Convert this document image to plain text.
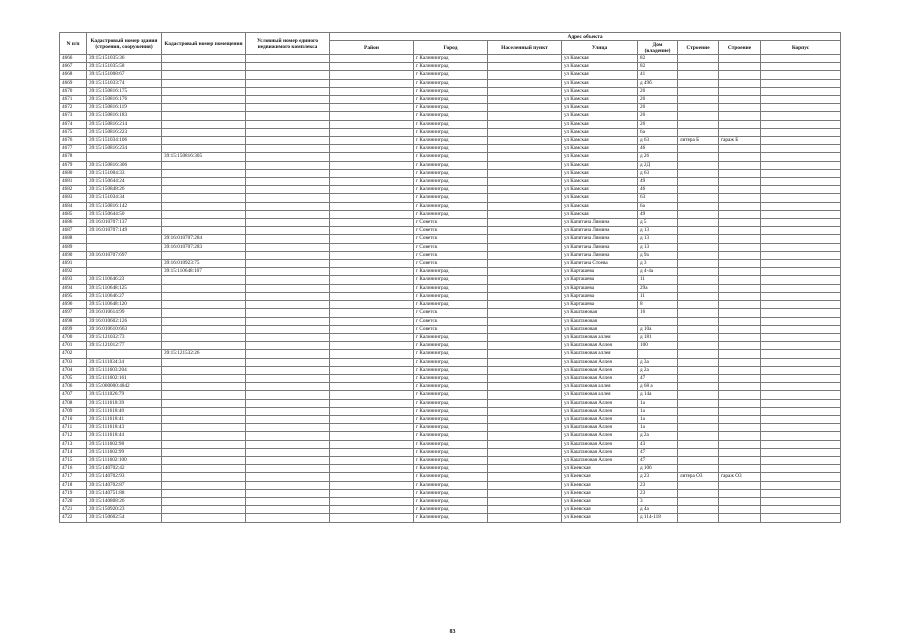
N п/п	Кадастровый номер здания (строения, сооружения)	Кадастровый номер помещения	Условный номер единого недвижимого комплекса	Адрес объекта							
				Район	Город	Населенный пункт	Улица	Дом (владение)	Строение	Строение	Корпус
4666	39:15:151035:36				г Калининград		ул Камская	82			
4667	39:15:151035:58				г Калининград		ул Камская	82			
4668	39:15:151008:67				г Калининград		ул Камская	41			
4669	39:15:151033:74				г Калининград		ул Камская	д 49б			
4670	39:15:150816:175				г Калининград		ул Камская	26			
4671	39:15:150816:176				г Калининград		ул Камская	26			
4672	39:15:150816:119				г Калининград		ул Камская	26			
4673	39:15:150816:183				г Калининград		ул Камская	26			
4674	39:15:150816:214				г Калининград		ул Камская	26			
4675	39:15:150816:223				г Калининград		ул Камская	6а			
4676	39:15:151034:106				г Калининград		ул Камская	д 63	литера Б	гараж Б	
4677	39:15:150816:234				г Калининград		ул Камская	46			
4678		39:15:150816:305			г Калининград		ул Камская	д 26			
4679	39:15:150816:306				г Калининград		ул Камская	д 2Д			
4680	39:15:151004:33				г Калининград		ул Камская	д 63			
4681	39:15:150644:24				г Калининград		ул Камская	49			
4682	39:15:150848:26				г Калининград		ул Камская	46			
4683	39:15:151034:34				г Калининград		ул Камская	63			
4684	39:15:150816:142				г Калининград		ул Камская	6а			
4685	39:15:150644:50				г Калининград		ул Камская	49			
4686	39:16:010707:137				г Советск		ул Капитана Лямина	д 5			
4687	39:16:010707:149				г Советск		ул Капитана Лямина	д 13			
4688		39:16:010707:284			г Советск		ул Капитана Лямина	д 13			
4689		39:16:010707:283			г Советск		ул Капитана Лямина	д 13			
4690	39:16:010707:697				г Советск		ул Капитана Лямина	д 9а			
4691		39:16:010923:75			г Советск		ул Капитана Стоева	д 3			
4692		39:15:110648:107			г Калининград		ул Карташева	д 4-4а			
4693	39:15:110646:23				г Калининград		ул Карташева	11			
4694	39:15:110648:125				г Калининград		ул Карташева	29а			
4695	39:15:110646:27				г Калининград		ул Карташева	11			
4696	39:15:110648:120				г Калининград		ул Карташева	8			
4697	39:16:010614:99				г Советск		ул Каштановая	16			
4698	39:16:010602:126				г Советск		ул Каштановая				
4699	39:16:010610:663				г Советск		ул Каштановая	д 10а			
4700	39:15:121032:73				г Калининград		ул Каштановая аллея	д 181			
4701	39:15:121012:77				г Калининград		ул Каштановая Аллея	100			
4702		39:15:121532:26			г Калининград		ул Каштановая аллея				
4703	39:15:111034:34				г Калининград		ул Каштановая Аллея	д 3а			
4704	39:15:111603:204				г Калининград		ул Каштановая Аллея	д 2а			
4705	39:15:111602:161				г Калининград		ул Каштановая Аллея	47			
4706	39:15:000000:4842				г Калининград		ул Каштановая аллея	д 68 а			
4707	39:15:111026:79				г Калининград		ул Каштановая аллея	д 14а			
4708	39:15:111618:39				г Калининград		ул Каштановая Аллея	1а			
4709	39:15:111618:40				г Калининград		ул Каштановая Аллея	1а			
4710	39:15:111618:41				г Калининград		ул Каштановая Аллея	1а			
4711	39:15:111618:43				г Калининград		ул Каштановая Аллея	1а			
4712	39:15:111618:44				г Калининград		ул Каштановая Аллея	д 2а			
4713	39:15:111602:98				г Калининград		ул Каштановая Аллея	43			
4714	39:15:111602:99				г Калининград		ул Каштановая Аллея	47			
4715	39:15:111602:100				г Калининград		ул Каштановая Аллея	47			
4716	39:15:140702:42				г Калининград		ул Киевская	д 106			
4717	39:15:140702:93				г Калининград		ул Киевская	д 23	литера О3	гараж О3	
4718	39:15:140702:87				г Калининград		ул Киевская	23			
4719	39:15:140751:88				г Калининград		ул Киевская	23			
4720	39:15:140808:26				г Калининград		ул Киевская	3			
4721	39:15:150920:23				г Калининград		ул Киевская	д 4а			
4722	39:15:150602:54				г Калининград		ул Киевская	д 114-118			
83
